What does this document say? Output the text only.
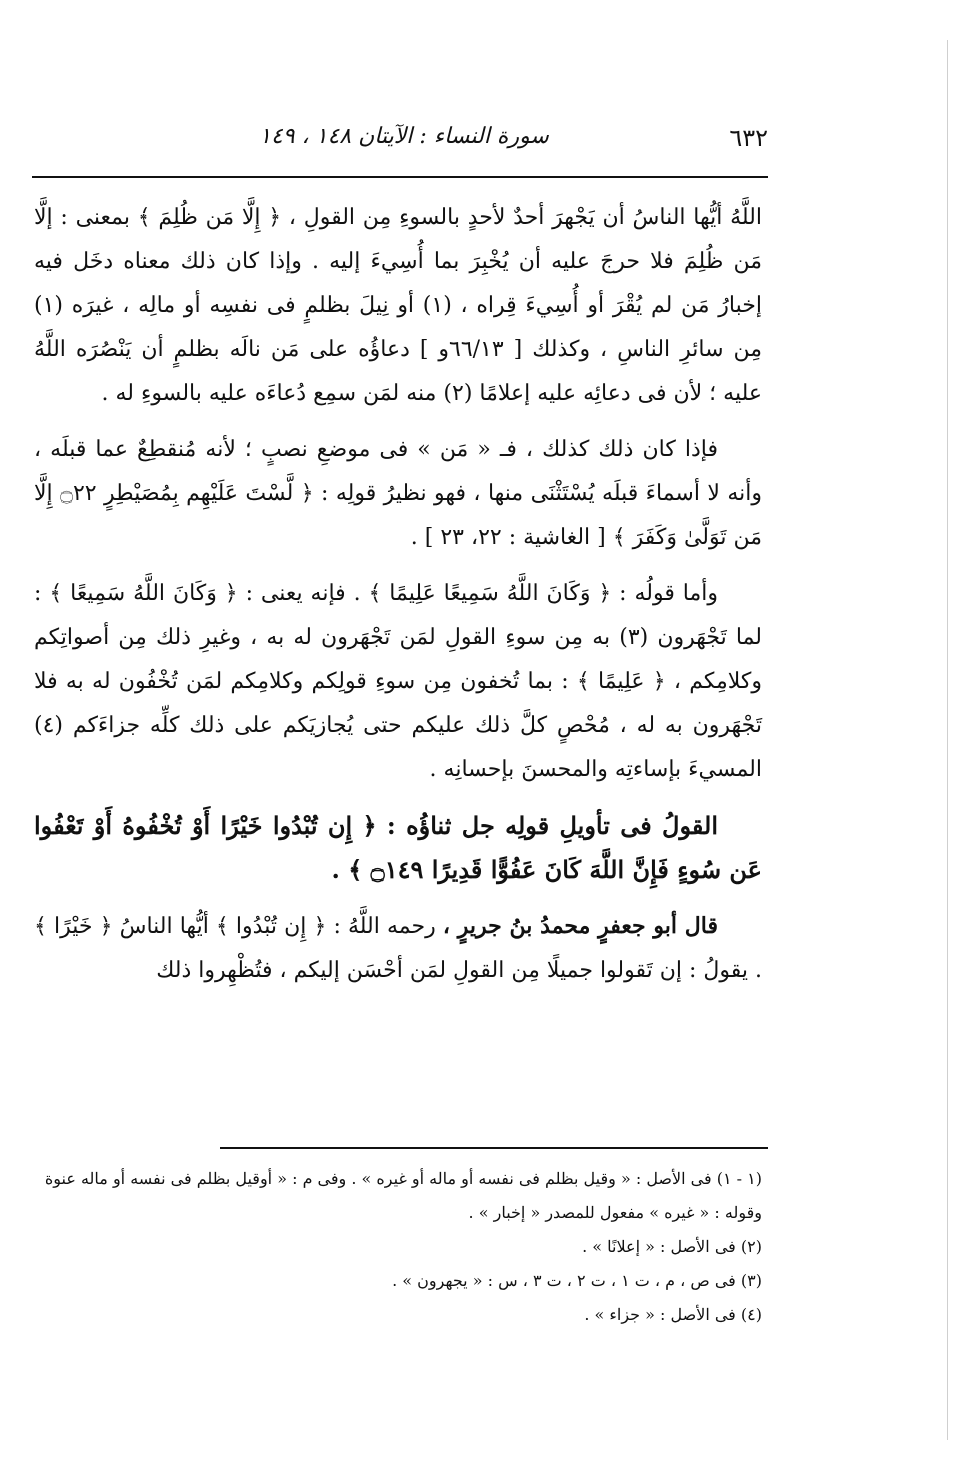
٦٣٢
سورة النساء : الآيتان ١٤٨ ، ١٤٩

اللَّهُ أيُّها الناسُ أن يَجْهرَ أحدٌ لأحدٍ بالسوءِ مِن القولِ ، ﴿ إِلَّا مَن ظُلِمَ ﴾ بمعنى : إلَّا مَن ظُلِمَ فلا حرجَ عليه أن يُخْبِرَ بما أُسِيءَ إليه . وإذا كان ذلك معناه دخَل فيه إخبارُ مَن لم يُقْرَ أو أُسِيءَ قِراه ، (١) أو نِيلَ بظلمٍ فى نفسِه أو مالِه ، غيرَه (١) مِن سائرِ الناسِ ، وكذلك [ ٦٦/١٣و ] دعاؤُه على مَن نالَه بظلمٍ أن يَنْصُرَه اللَّهُ عليه ؛ لأن فى دعائِه عليه إعلامًا (٢) منه لمَن سمِع دُعاءَه عليه بالسوءِ له .

فإذا كان ذلك كذلك ، فـ « مَن » فى موضعِ نصبٍ ؛ لأنه مُنقطِعٌ عما قبلَه ، وأنه لا أسماءَ قبلَه يُسْتَثْنَى منها ، فهو نظيرُ قولِه : ﴿ لَّسْتَ عَلَيْهِم بِمُصَيْطِرٍ ۝٢٢ إِلَّا مَن تَوَلَّىٰ وَكَفَرَ ﴾ [ الغاشية : ٢٢، ٢٣ ] .

وأما قولُه : ﴿ وَكَانَ اللَّهُ سَمِيعًا عَلِيمًا ﴾ . فإنه يعنى : ﴿ وَكَانَ اللَّهُ سَمِيعًا ﴾ : لما تَجْهَرون (٣) به مِن سوءِ القولِ لمَن تَجْهَرون له به ، وغيرِ ذلك مِن أصواتِكم وكلامِكم ، ﴿ عَلِيمًا ﴾ : بما تُخفون مِن سوءِ قولِكم وكلامِكم لمَن تُخْفُون له به فلا تَجْهَرون به له ، مُحْصٍ كلَّ ذلك عليكم حتى يُجازيَكم على ذلك كلِّه جزاءَكم (٤) المسيءَ بإساءتِه والمحسنَ بإحسانِه .

القولُ فى تأويلِ قولِه جل ثناؤُه : ﴿ إِن تُبْدُوا خَيْرًا أَوْ تُخْفُوهُ أَوْ تَعْفُوا عَن سُوءٍ فَإِنَّ اللَّهَ كَانَ عَفُوًّا قَدِيرًا ۝١٤٩ ﴾ .

قال أبو جعفرٍ محمدُ بنُ جريرٍ ، رحمه اللَّهُ : ﴿ إِن تُبْدُوا ﴾ أيُّها الناسُ ﴿ خَيْرًا ﴾ . يقولُ : إن تَقولوا جميلًا مِن القولِ لمَن أحْسَن إليكم ، فتُظْهِروا ذلك

(١ - ١) فى الأصل : « وقيل بظلم فى نفسه أو ماله أو غيره » . وفى م : « أوقيل بظلم فى نفسه أو ماله عنوة وقوله : « غيره » مفعول للمصدر « إخبار » .

(٢) فى الأصل : « إعلانًا » .

(٣) فى ص ، م ، ت ١ ، ت ٢ ، ت ٣ ، س : « يجهرون » .

(٤) فى الأصل : « جزاء » .
